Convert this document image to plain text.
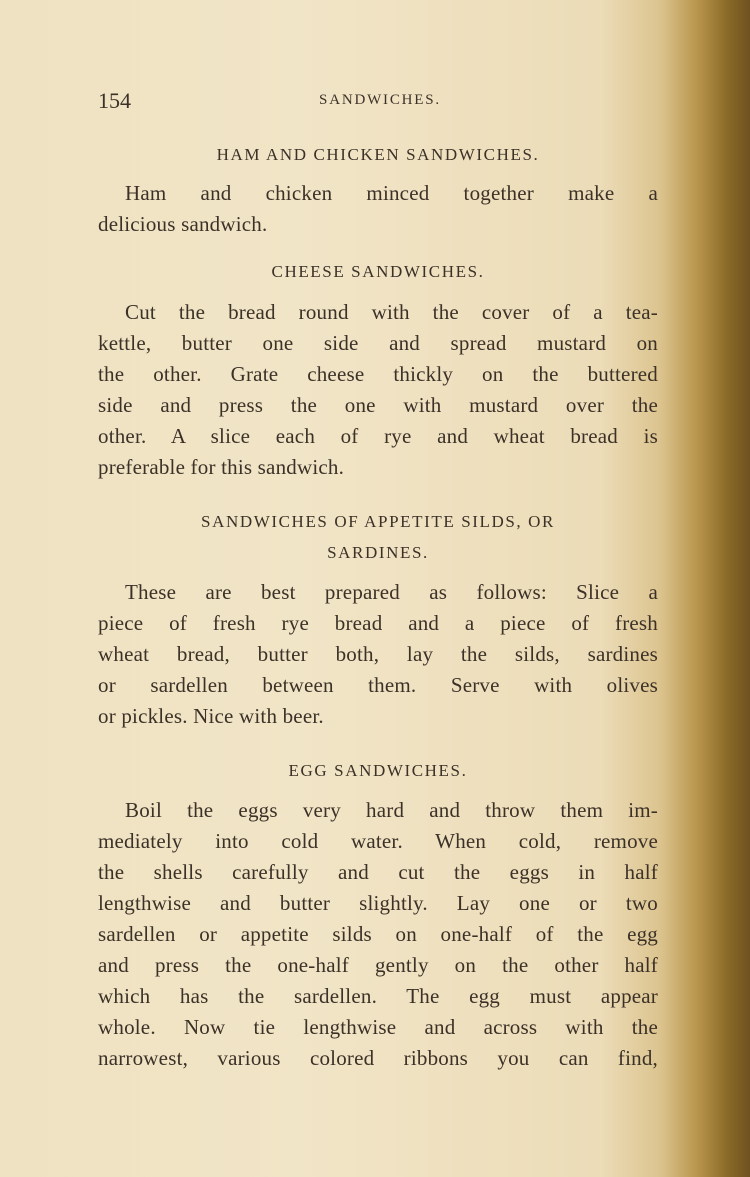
154	SANDWICHES.
HAM AND CHICKEN SANDWICHES.
Ham and chicken minced together make a
delicious sandwich.
CHEESE SANDWICHES.
Cut the bread round with the cover of a tea-
kettle, butter one side and spread mustard on
the other. Grate cheese thickly on the buttered
side and press the one with mustard over the
other. A slice each of rye and wheat bread is
preferable for this sandwich.
SANDWICHES OF APPETITE SILDS, OR
SARDINES.
These are best prepared as follows: Slice a
piece of fresh rye bread and a piece of fresh
wheat bread, butter both, lay the silds, sardines
or sardellen between them. Serve with olives
or pickles. Nice with beer.
EGG SANDWICHES.
Boil the eggs very hard and throw them im-
mediately into cold water. When cold, remove
the shells carefully and cut the eggs in half
lengthwise and butter slightly. Lay one or two
sardellen or appetite silds on one-half of the egg
and press the one-half gently on the other half
which has the sardellen. The egg must appear
whole. Now tie lengthwise and across with the
narrowest, various colored ribbons you can find,
